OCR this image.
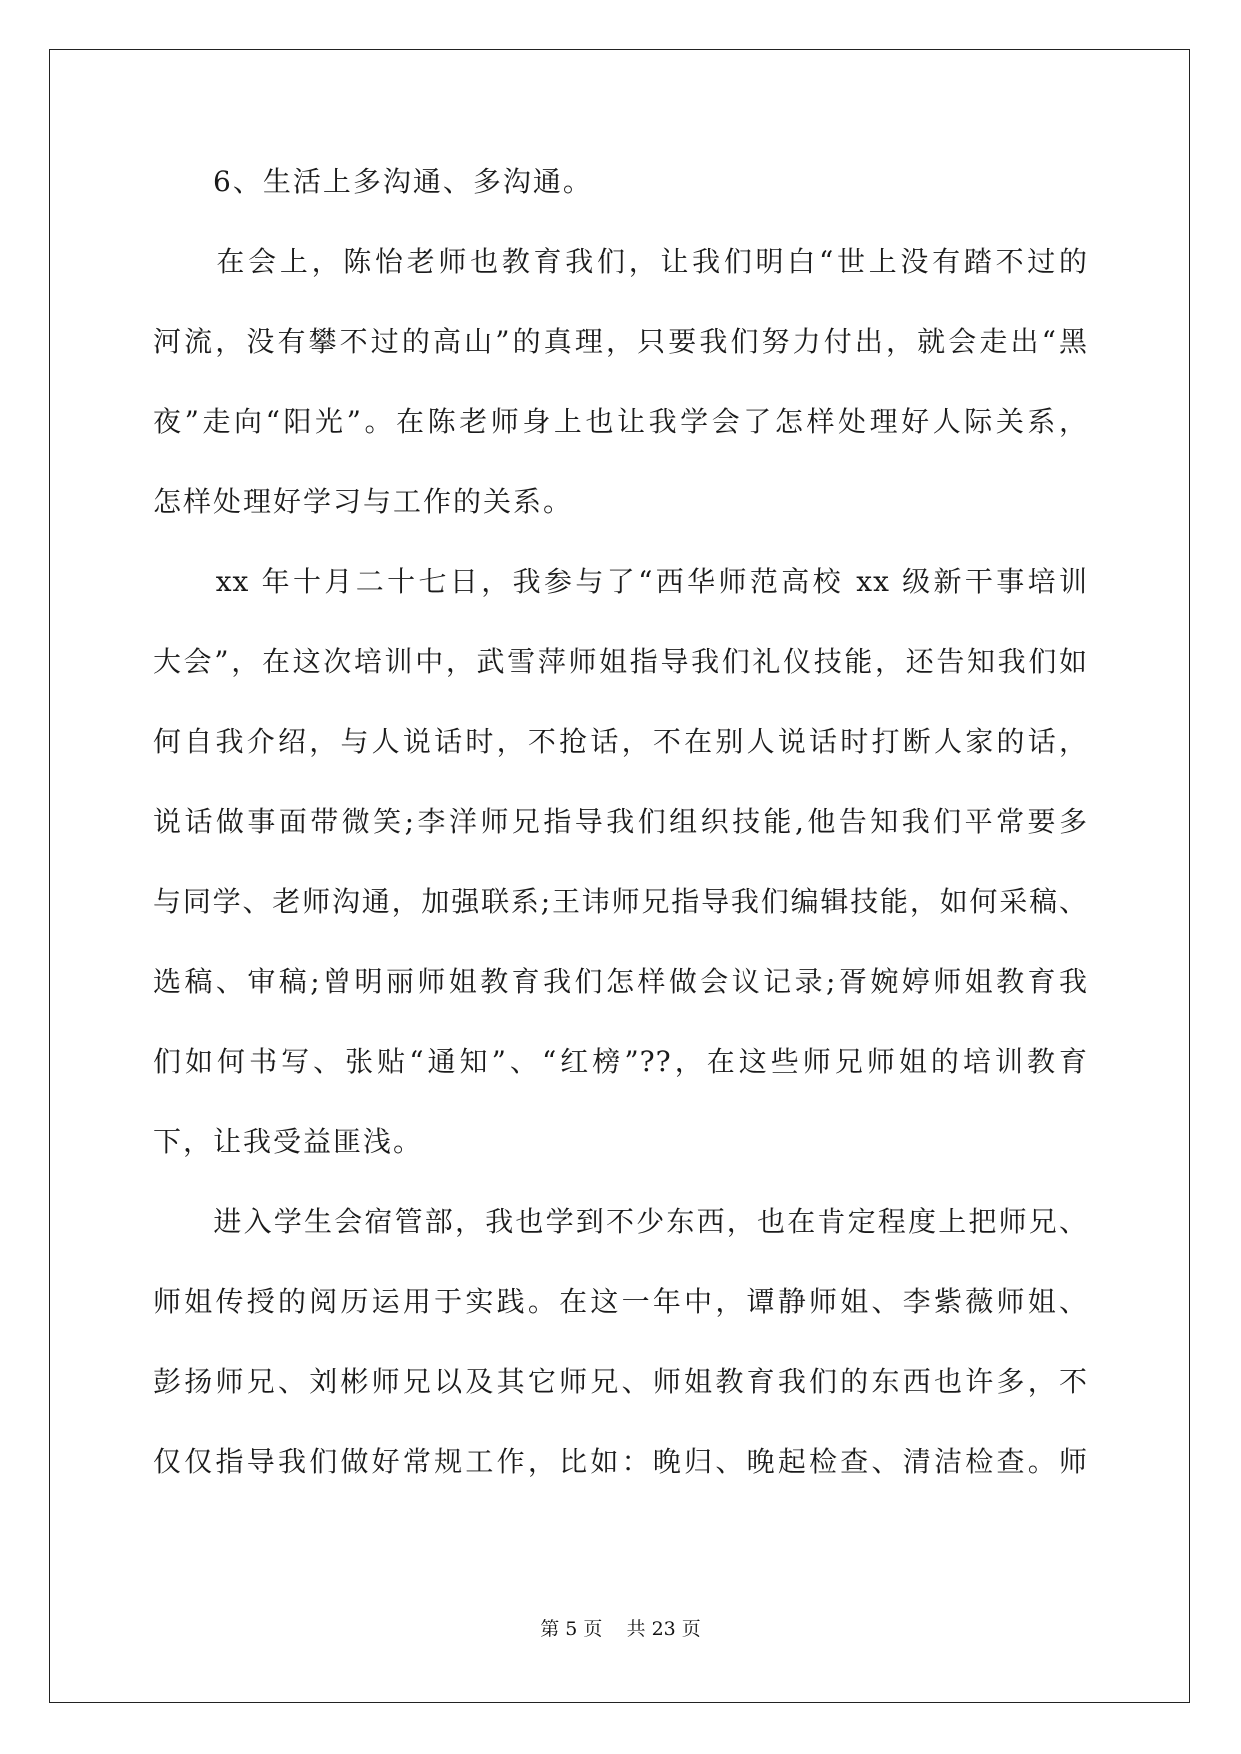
　　6、生活上多沟通、多沟通。
　　在会上，陈怡老师也教育我们，让我们明白“世上没有踏不过的
河流，没有攀不过的高山”的真理，只要我们努力付出，就会走出“黑
夜”走向“阳光”。在陈老师身上也让我学会了怎样处理好人际关系，
怎样处理好学习与工作的关系。
　　xx 年十月二十七日，我参与了“西华师范高校 xx 级新干事培训
大会”，在这次培训中，武雪萍师姐指导我们礼仪技能，还告知我们如
何自我介绍，与人说话时，不抢话，不在别人说话时打断人家的话，
说话做事面带微笑;李洋师兄指导我们组织技能,他告知我们平常要多
与同学、老师沟通，加强联系;王讳师兄指导我们编辑技能，如何采稿、
选稿、审稿;曾明丽师姐教育我们怎样做会议记录;胥婉婷师姐教育我
们如何书写、张贴“通知”、“红榜”??，在这些师兄师姐的培训教育
下，让我受益匪浅。
　　进入学生会宿管部，我也学到不少东西，也在肯定程度上把师兄、
师姐传授的阅历运用于实践。在这一年中，谭静师姐、李紫薇师姐、
彭扬师兄、刘彬师兄以及其它师兄、师姐教育我们的东西也许多，不
仅仅指导我们做好常规工作，比如：晚归、晚起检查、清洁检查。师
第 5 页 共 23 页
